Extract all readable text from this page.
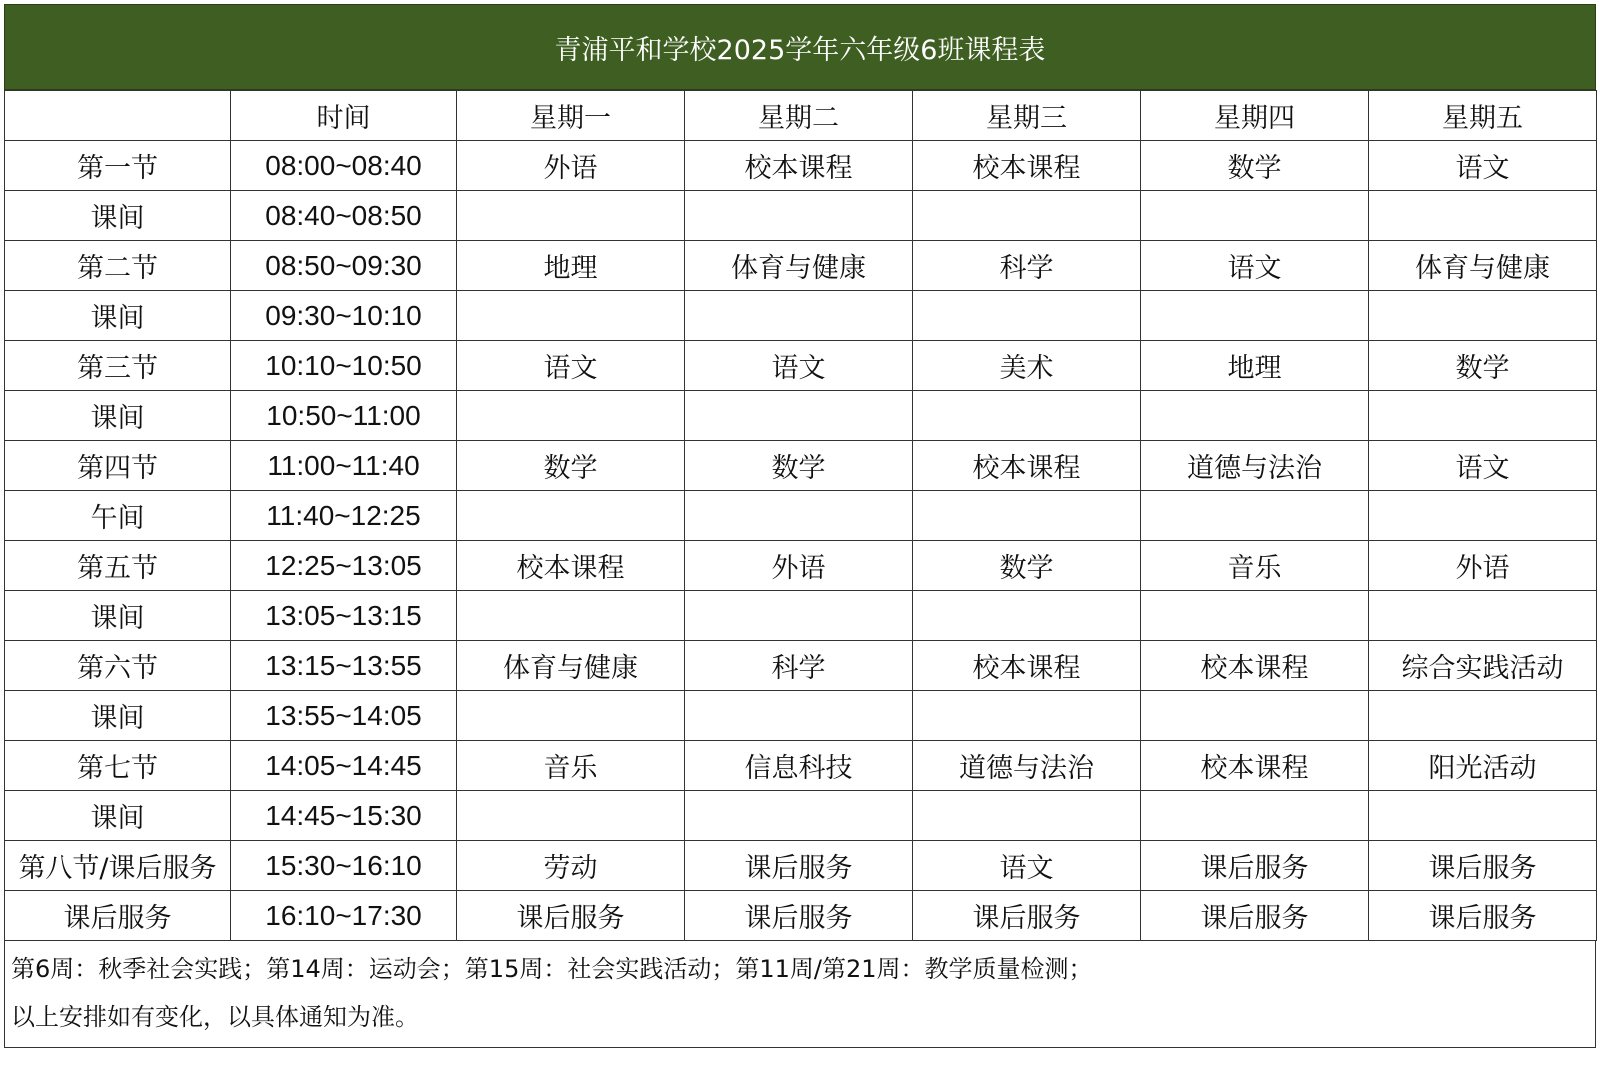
青浦平和学校2025学年六年级6班课程表
	时间	星期一	星期二	星期三	星期四	星期五
第一节	08:00~08:40	外语	校本课程	校本课程	数学	语文
课间	08:40~08:50					
第二节	08:50~09:30	地理	体育与健康	科学	语文	体育与健康
课间	09:30~10:10					
第三节	10:10~10:50	语文	语文	美术	地理	数学
课间	10:50~11:00					
第四节	11:00~11:40	数学	数学	校本课程	道德与法治	语文
午间	11:40~12:25					
第五节	12:25~13:05	校本课程	外语	数学	音乐	外语
课间	13:05~13:15					
第六节	13:15~13:55	体育与健康	科学	校本课程	校本课程	综合实践活动
课间	13:55~14:05					
第七节	14:05~14:45	音乐	信息科技	道德与法治	校本课程	阳光活动
课间	14:45~15:30					
第八节/课后服务	15:30~16:10	劳动	课后服务	语文	课后服务	课后服务
课后服务	16:10~17:30	课后服务	课后服务	课后服务	课后服务	课后服务
第6周：秋季社会实践；第14周：运动会；第15周：社会实践活动；第11周/第21周：教学质量检测；
以上安排如有变化，以具体通知为准。
